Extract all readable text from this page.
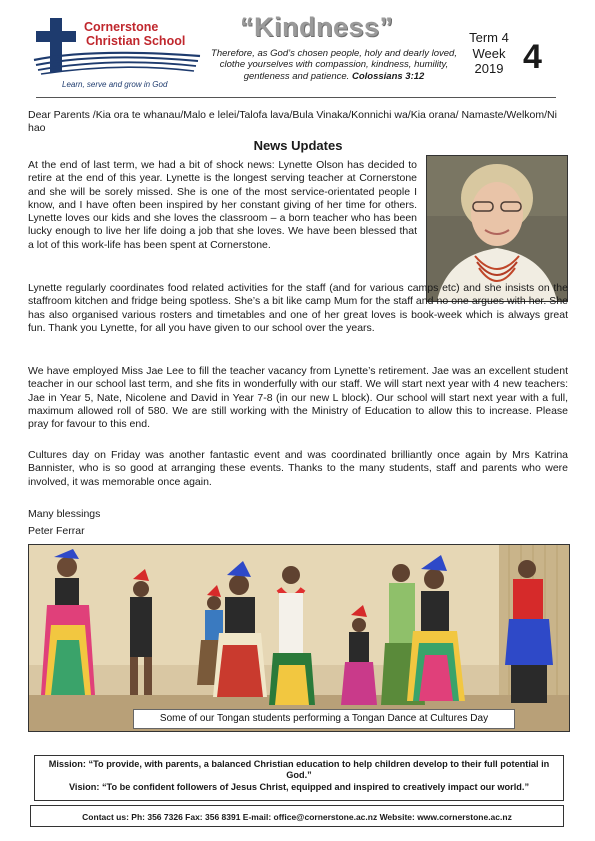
Cornerstone
Christian School
Learn, serve and grow in God
“Kindness”
Therefore, as God’s chosen people, holy and dearly loved, clothe yourselves with compassion, kindness, humility, gentleness and patience. Colossians 3:12
Term 4
Week
2019 4
Dear Parents /Kia ora te whanau/Malo e lelei/Talofa lava/Bula Vinaka/Konnichi wa/Kia orana/ Namaste/Welkom/Ni hao
News Updates
At the end of last term, we had a bit of shock news: Lynette Olson has decided to retire at the end of this year. Lynette is the longest serving teacher at Cornerstone and she will be sorely missed. She is one of the most service-orientated people I know, and I have often been inspired by her constant giving of her time for others. Lynette loves our kids and she loves the classroom – a born teacher who has been lucky enough to live her life doing a job that she loves. We have been blessed that a lot of this work-life has been spent at Cornerstone.
Lynette regularly coordinates food related activities for the staff (and for various camps etc) and she insists on the staffroom kitchen and fridge being spotless. She’s a bit like camp Mum for the staff and no one argues with her. She has also organised various rosters and timetables and one of her great loves is book-week which is always great fun. Thank you Lynette, for all you have given to our school over the years.
We have employed Miss Jae Lee to fill the teacher vacancy from Lynette’s retirement. Jae was an excellent student teacher in our school last term, and she fits in wonderfully with our staff. We will start next year with 4 new teachers: Jae in Year 5, Nate, Nicolene and David in Year 7-8 (in our new L block). Our school will start next year with a full, maximum allowed roll of 580. We are still working with the Ministry of Education to allow this to increase. Please pray for favour to this end.
Cultures day on Friday was another fantastic event and was coordinated brilliantly once again by Mrs Katrina Bannister, who is so good at arranging these events. Thanks to the many students, staff and parents who were involved, it was memorable once again.
Many blessings
Peter Ferrar
Some of our Tongan students performing a Tongan Dance at Cultures Day

Mission: “To provide, with parents, a balanced Christian education to help children develop to their full potential in God.”

Vision: “To be confident followers of Jesus Christ, equipped and inspired to creatively impact our world.”

Contact us: Ph: 356 7326 Fax: 356 8391 E-mail: office@cornerstone.ac.nz Website: www.cornerstone.ac.nz
